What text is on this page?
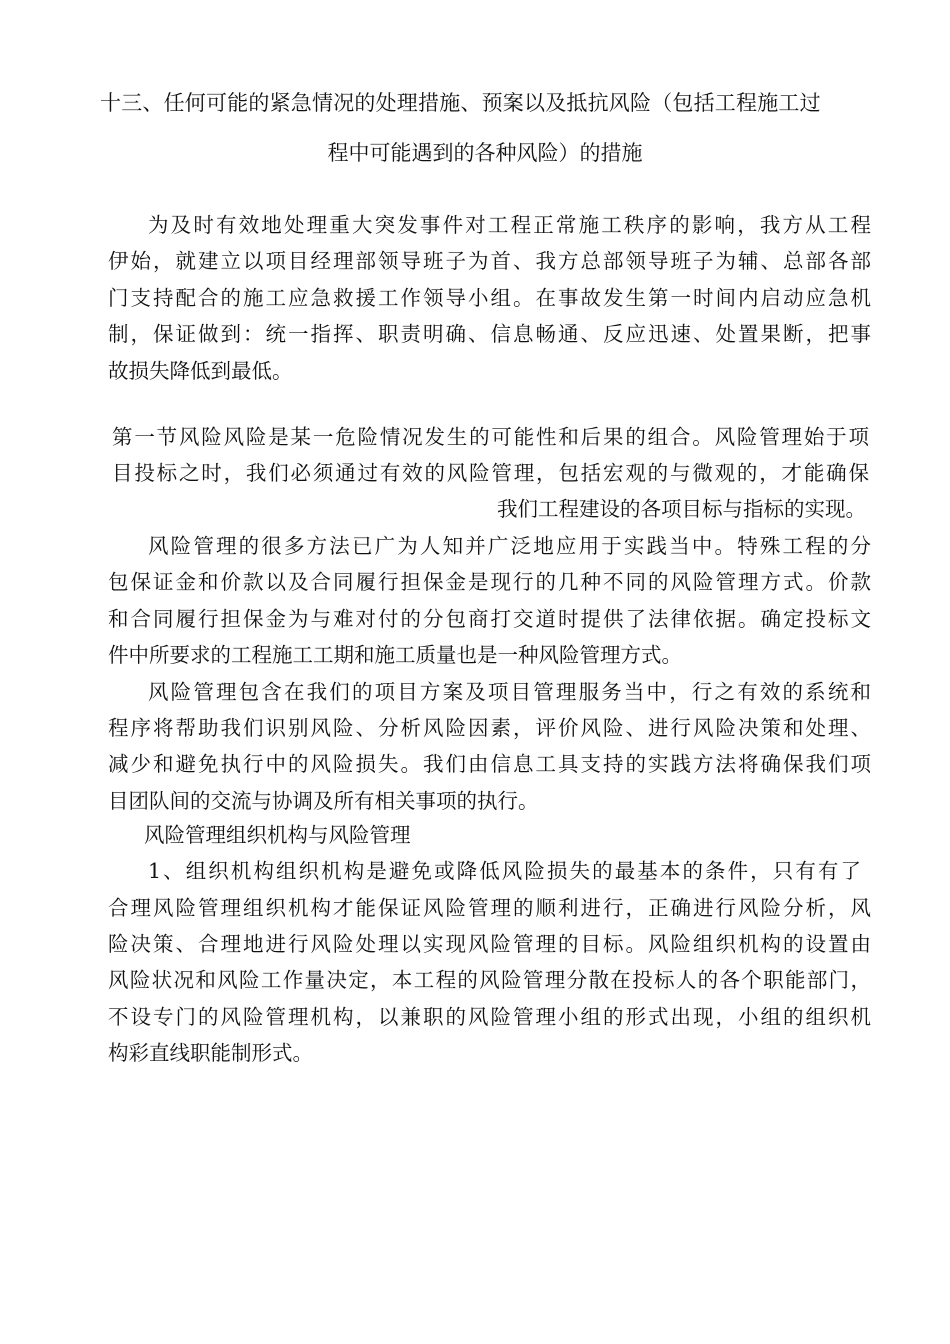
十三、任何可能的紧急情况的处理措施、预案以及抵抗风险（包括工程施工过
程中可能遇到的各种风险）的措施
为及时有效地处理重大突发事件对工程正常施工秩序的影响，我方从工程
伊始，就建立以项目经理部领导班子为首、我方总部领导班子为辅、总部各部
门支持配合的施工应急救援工作领导小组。在事故发生第一时间内启动应急机
制，保证做到：统一指挥、职责明确、信息畅通、反应迅速、处置果断，把事
故损失降低到最低。
第一节风险风险是某一危险情况发生的可能性和后果的组合。风险管理始于项
目投标之时，我们必须通过有效的风险管理，包括宏观的与微观的，才能确保
我们工程建设的各项目标与指标的实现。
风险管理的很多方法已广为人知并广泛地应用于实践当中。特殊工程的分
包保证金和价款以及合同履行担保金是现行的几种不同的风险管理方式。价款
和合同履行担保金为与难对付的分包商打交道时提供了法律依据。确定投标文
件中所要求的工程施工工期和施工质量也是一种风险管理方式。
风险管理包含在我们的项目方案及项目管理服务当中，行之有效的系统和
程序将帮助我们识别风险、分析风险因素，评价风险、进行风险决策和处理、
减少和避免执行中的风险损失。我们由信息工具支持的实践方法将确保我们项
目团队间的交流与协调及所有相关事项的执行。
风险管理组织机构与风险管理
1、组织机构组织机构是避免或降低风险损失的最基本的条件，只有有了
合理风险管理组织机构才能保证风险管理的顺利进行，正确进行风险分析，风
险决策、合理地进行风险处理以实现风险管理的目标。风险组织机构的设置由
风险状况和风险工作量决定，本工程的风险管理分散在投标人的各个职能部门，
不设专门的风险管理机构，以兼职的风险管理小组的形式出现，小组的组织机
构彩直线职能制形式。
